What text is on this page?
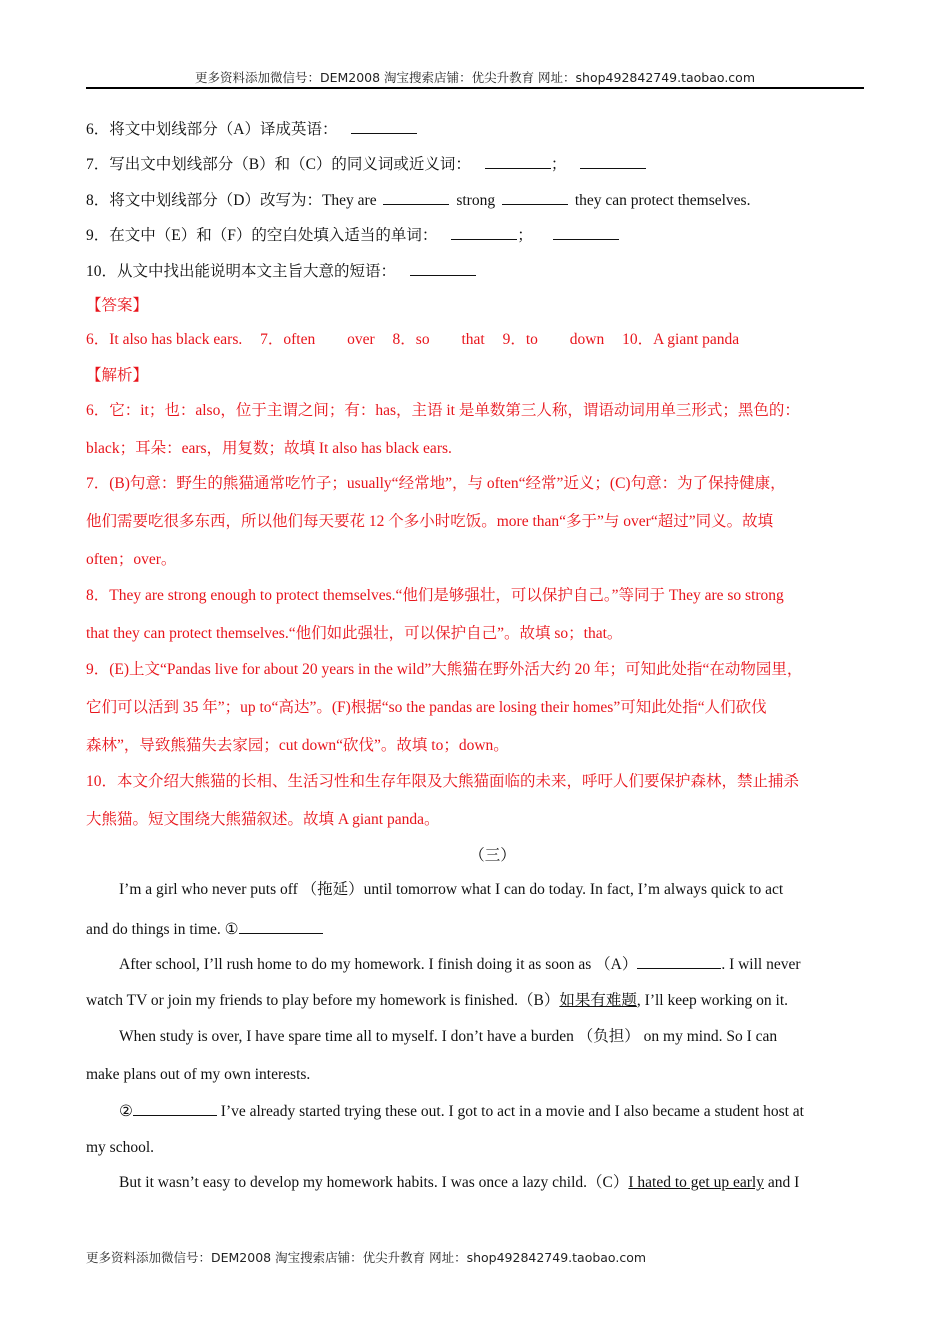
更多资料添加微信号：DEM2008 淘宝搜索店铺：优尖升教育 网址：shop492842749.taobao.com
6．将文中划线部分（A）译成英语：
7．写出文中划线部分（B）和（C）的同义词或近义词：	；
8．将文中划线部分（D）改写为：They are	strong	they can protect themselves.
9．在文中（E）和（F）的空白处填入适当的单词：	；
10．从文中找出能说明本文主旨大意的短语：
【答案】
6．It also has black ears. 7．often over 8．so that 9．to down 10．A giant panda
【解析】
6．它：it；也：also，位于主谓之间；有：has，主语 it 是单数第三人称，谓语动词用单三形式；黑色的：
black；耳朵：ears，用复数；故填 It also has black ears.
7．(B)句意：野生的熊猫通常吃竹子；usually“经常地”，与 often“经常”近义；(C)句意：为了保持健康，
他们需要吃很多东西，所以他们每天要花 12 个多小时吃饭。more than“多于”与 over“超过”同义。故填
often；over。
8．They are strong enough to protect themselves.“他们是够强壮，可以保护自己。”等同于 They are so strong
that they can protect themselves.“他们如此强壮，可以保护自己”。故填 so；that。
9．(E)上文“Pandas live for about 20 years in the wild”大熊猫在野外活大约 20 年；可知此处指“在动物园里，
它们可以活到 35 年”；up to“高达”。(F)根据“so the pandas are losing their homes”可知此处指“人们砍伐
森林”，导致熊猫失去家园；cut down“砍伐”。故填 to；down。
10．本文介绍大熊猫的长相、生活习性和生存年限及大熊猫面临的未来，呼吁人们要保护森林，禁止捕杀
大熊猫。短文围绕大熊猫叙述。故填 A giant panda。
（三）
I’m a girl who never puts off （拖延）until tomorrow what I can do today. In fact, I’m always quick to act
and do things in time. ①
After school, I’ll rush home to do my homework. I finish doing it as soon as （A）	. I will never
watch TV or join my friends to play before my homework is finished.（B）如果有难题, I’ll keep working on it.
When study is over, I have spare time all to myself. I don’t have a burden （负担） on my mind. So I can
make plans out of my own interests.
②	I’ve already started trying these out. I got to act in a movie and I also became a student host at
my school.
But it wasn’t easy to develop my homework habits. I was once a lazy child.（C）I hated to get up early and I
更多资料添加微信号：DEM2008 淘宝搜索店铺：优尖升教育 网址：shop492842749.taobao.com
